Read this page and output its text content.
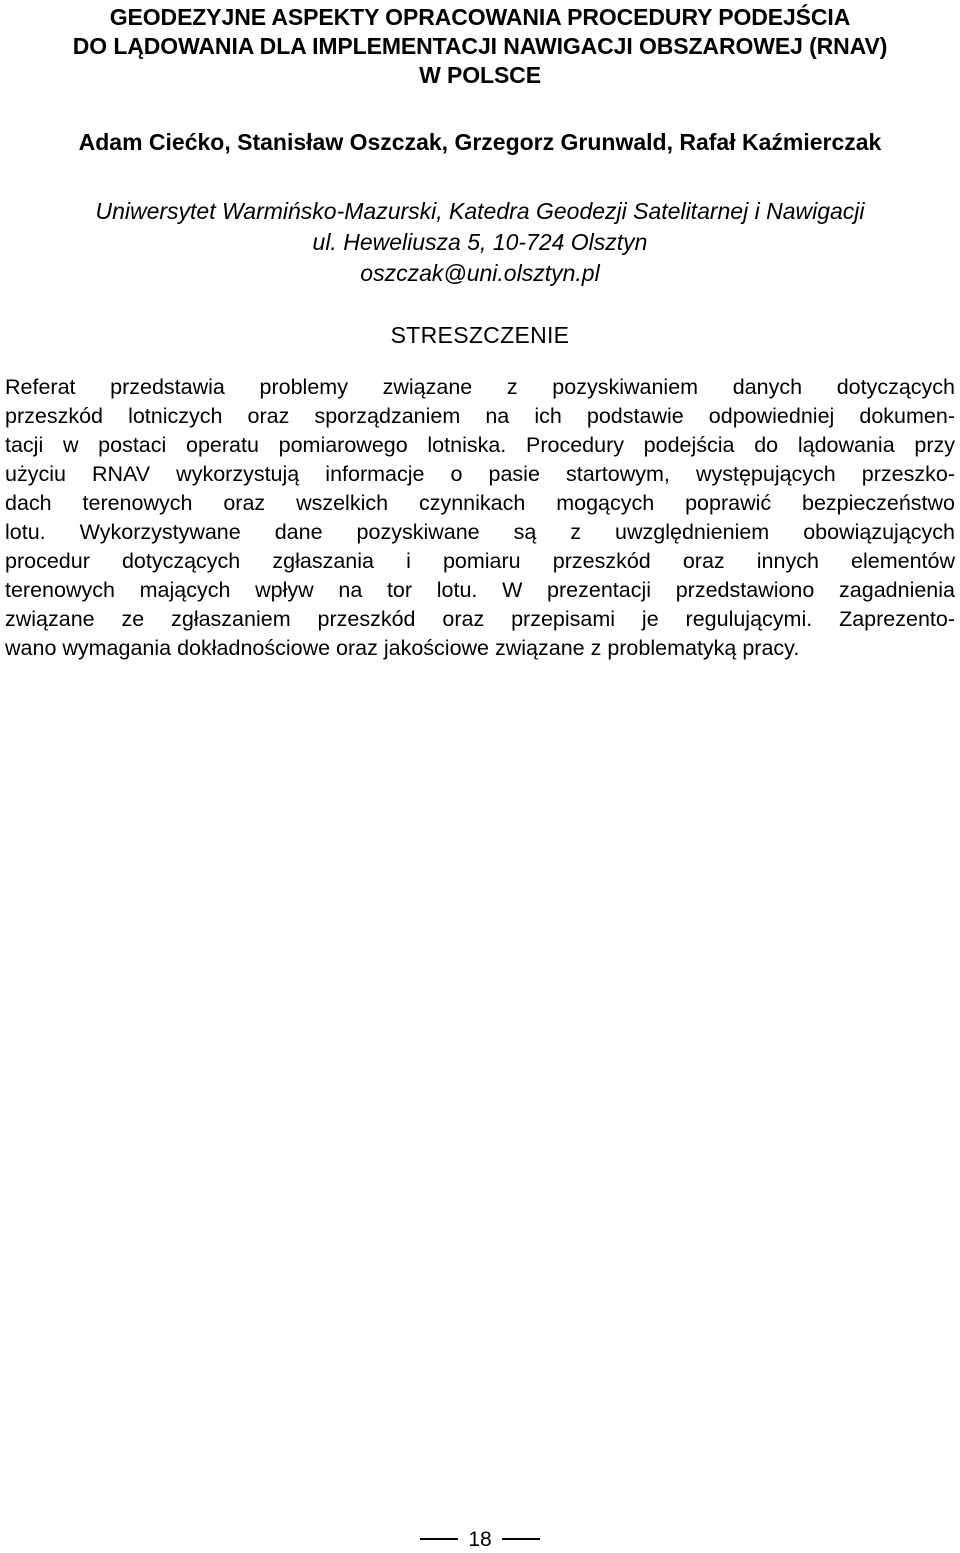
GEODEZYJNE ASPEKTY OPRACOWANIA PROCEDURY PODEJŚCIA
DO LĄDOWANIA DLA IMPLEMENTACJI NAWIGACJI OBSZAROWEJ (RNAV)
W POLSCE
Adam Ciećko, Stanisław Oszczak, Grzegorz Grunwald, Rafał Kaźmierczak
Uniwersytet Warmińsko-Mazurski, Katedra Geodezji Satelitarnej i Nawigacji
ul. Heweliusza 5, 10-724 Olsztyn
oszczak@uni.olsztyn.pl
STRESZCZENIE
Referat przedstawia problemy związane z pozyskiwaniem danych dotyczących
przeszkód lotniczych oraz sporządzaniem na ich podstawie odpowiedniej dokumen-
tacji w postaci operatu pomiarowego lotniska. Procedury podejścia do lądowania przy
użyciu RNAV wykorzystują informacje o pasie startowym, występujących przeszko-
dach terenowych oraz wszelkich czynnikach mogących poprawić bezpieczeństwo
lotu. Wykorzystywane dane pozyskiwane są z uwzględnieniem obowiązujących
procedur dotyczących zgłaszania i pomiaru przeszkód oraz innych elementów
terenowych mających wpływ na tor lotu. W prezentacji przedstawiono zagadnienia
związane ze zgłaszaniem przeszkód oraz przepisami je regulującymi. Zaprezento-
wano wymagania dokładnościowe oraz jakościowe związane z problematyką pracy.
18
